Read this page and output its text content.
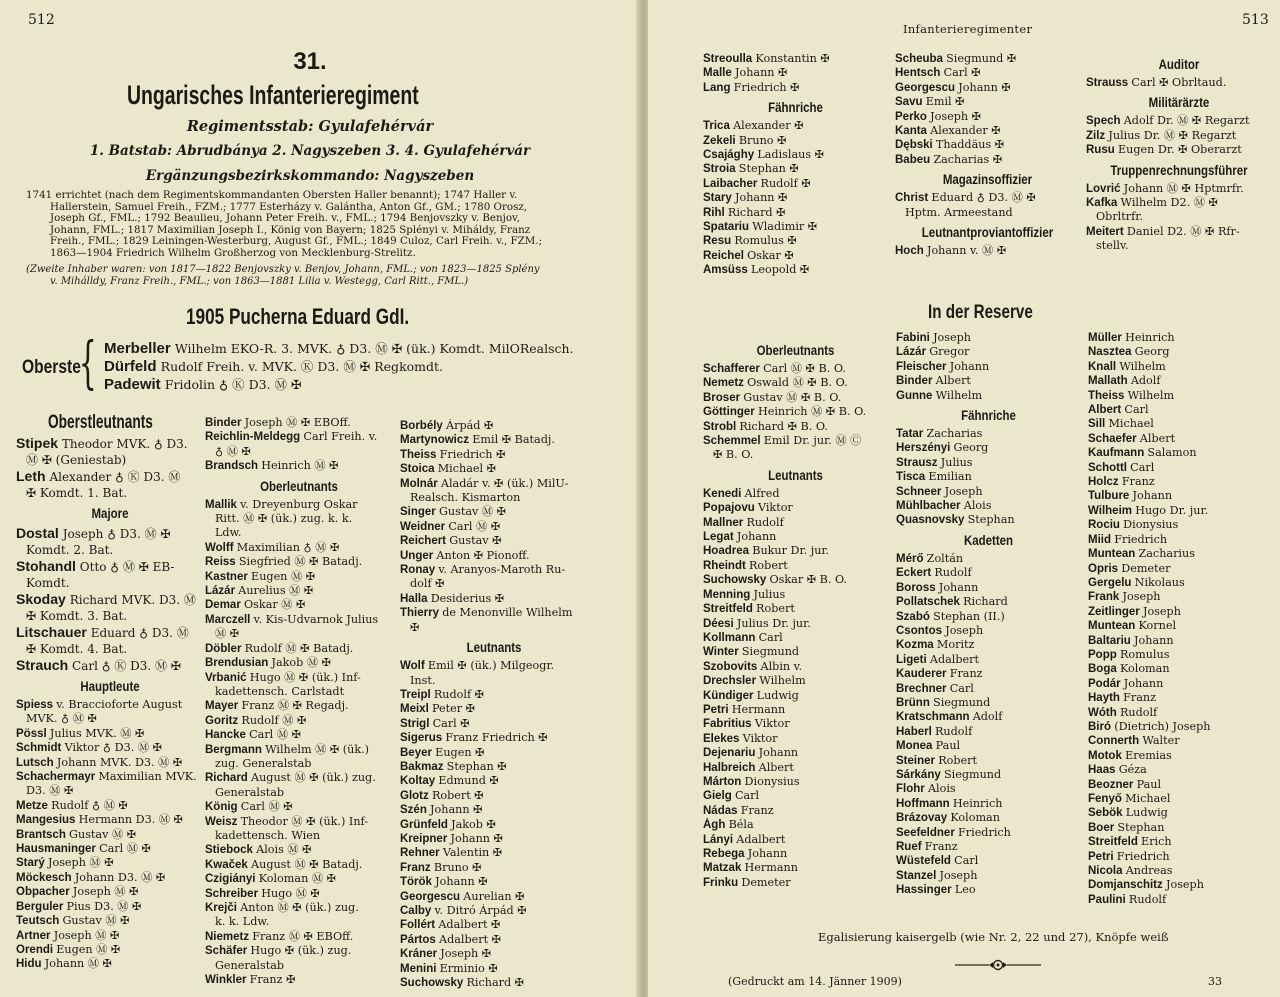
512
31.
Ungarisches Infanterieregiment
Regimentsstab: Gyulafehérvár
1. Batstab: Abrudbánya 2. Nagyszeben 3. 4. Gyulafehérvár
Ergänzungsbezirkskommando: Nagyszeben
1741 errichtet (nach dem Regimentskommandanten Obersten Haller benannt); 1747 Haller v.
Hallerstein, Samuel Freih., FZM.; 1777 Esterházy v. Galántha, Anton Gf., GM.; 1780 Orosz,
Joseph Gf., FML.; 1792 Beaulieu, Johann Peter Freih. v., FML.; 1794 Benjovszky v. Benjov,
Johann, FML.; 1817 Maximilian Joseph I., König von Bayern; 1825 Splényi v. Miháldy, Franz
Freih., FML.; 1829 Leiningen-Westerburg, August Gf., FML.; 1849 Culoz, Carl Freih. v., FZM.;
1863—1904 Friedrich Wilhelm Großherzog von Mecklenburg-Strelitz.
(Zweite Inhaber waren: von 1817—1822 Benjovszky v. Benjov, Johann, FML.; von 1823—1825 Splény
v. Mihálldy, Franz Freih., FML.; von 1863—1881 Lilia v. Westegg, Carl Ritt., FML.)
1905 Pucherna Eduard GdI.
Oberste
{ Merbeller Wilhelm EKO-R. 3. MVK. ♁ D3. Ⓜ ✠ (ük.) Komdt. MilORealsch.
Dürfeld Rudolf Freih. v. MVK. Ⓚ D3. Ⓜ ✠ Regkomdt.
Padewit Fridolin ♁ Ⓚ D3. Ⓜ ✠
Oberstleutnants
Stipek Theodor MVK. ♁ D3.
Ⓜ ✠ (Geniestab)
Leth Alexander ♁ Ⓚ D3. Ⓜ
✠ Komdt. 1. Bat.
Majore
Dostal Joseph ♁ D3. Ⓜ ✠
Komdt. 2. Bat.
Stohandl Otto ♁ Ⓜ ✠ EB-
Komdt.
Skoday Richard MVK. D3. Ⓜ
✠ Komdt. 3. Bat.
Litschauer Eduard ♁ D3. Ⓜ
✠ Komdt. 4. Bat.
Strauch Carl ♁ Ⓚ D3. Ⓜ ✠
Hauptleute
Spiess v. Braccioforte August
MVK. ♁ Ⓜ ✠
Pössl Julius MVK. Ⓜ ✠
Schmidt Viktor ♁ D3. Ⓜ ✠
Lutsch Johann MVK. D3. Ⓜ ✠
Schachermayr Maximilian MVK.
D3. Ⓜ ✠
Metze Rudolf ♁ Ⓜ ✠
Mangesius Hermann D3. Ⓜ ✠
Brantsch Gustav Ⓜ ✠
Hausmaninger Carl Ⓜ ✠
Starý Joseph Ⓜ ✠
Möckesch Johann D3. Ⓜ ✠
Obpacher Joseph Ⓜ ✠
Berguler Pius D3. Ⓜ ✠
Teutsch Gustav Ⓜ ✠
Artner Joseph Ⓜ ✠
Orendi Eugen Ⓜ ✠
Hidu Johann Ⓜ ✠
Binder Joseph Ⓜ ✠ EBOff.
Reichlin-Meldegg Carl Freih. v.
♁ Ⓜ ✠
Brandsch Heinrich Ⓜ ✠
Oberleutnants
Mallik v. Dreyenburg Oskar
Ritt. Ⓜ ✠ (ük.) zug. k. k.
Ldw.
Wolff Maximilian ♁ Ⓜ ✠
Reiss Siegfried Ⓜ ✠ Batadj.
Kastner Eugen Ⓜ ✠
Lázár Aurelius Ⓜ ✠
Demar Oskar Ⓜ ✠
Marczell v. Kis-Udvarnok Julius
Ⓜ ✠
Döbler Rudolf Ⓜ ✠ Batadj.
Brendusian Jakob Ⓜ ✠
Vrbanić Hugo Ⓜ ✠ (ük.) Inf-
kadettensch. Carlstadt
Mayer Franz Ⓜ ✠ Regadj.
Goritz Rudolf Ⓜ ✠
Hancke Carl Ⓜ ✠
Bergmann Wilhelm Ⓜ ✠ (ük.)
zug. Generalstab
Richard August Ⓜ ✠ (ük.) zug.
Generalstab
König Carl Ⓜ ✠
Weisz Theodor Ⓜ ✠ (ük.) Inf-
kadettensch. Wien
Stiebock Alois Ⓜ ✠
Kwaček August Ⓜ ✠ Batadj.
Czigiányi Koloman Ⓜ ✠
Schreiber Hugo Ⓜ ✠
Krejči Anton Ⓜ ✠ (ük.) zug.
k. k. Ldw.
Niemetz Franz Ⓜ ✠ EBOff.
Schäfer Hugo ✠ (ük.) zug.
Generalstab
Winkler Franz ✠
Borbély Árpád ✠
Martynowicz Emil ✠ Batadj.
Theiss Friedrich ✠
Stoica Michael ✠
Molnár Aladár v. ✠ (ük.) MilU-
Realsch. Kismarton
Singer Gustav Ⓜ ✠
Weidner Carl Ⓜ ✠
Reichert Gustav ✠
Unger Anton ✠ Pionoff.
Ronay v. Aranyos-Maroth Ru-
dolf ✠
Halla Desiderius ✠
Thierry de Menonville Wilhelm
✠
Leutnants
Wolf Emil ✠ (ük.) Milgeogr.
Inst.
Treipl Rudolf ✠
Meixl Peter ✠
Strigl Carl ✠
Sigerus Franz Friedrich ✠
Beyer Eugen ✠
Bakmaz Stephan ✠
Koltay Edmund ✠
Glotz Robert ✠
Szén Johann ✠
Grünfeld Jakob ✠
Kreipner Johann ✠
Rehner Valentin ✠
Franz Bruno ✠
Török Johann ✠
Georgescu Aurelian ✠
Calby v. Ditró Árpád ✠
Follért Adalbert ✠
Pártos Adalbert ✠
Kráner Joseph ✠
Menini Erminio ✠
Suchowsky Richard ✠
Infanterieregimenter
513
Streoulla Konstantin ✠
Malle Johann ✠
Lang Friedrich ✠
Fähnriche
Trica Alexander ✠
Zekeli Bruno ✠
Csajághy Ladislaus ✠
Stroia Stephan ✠
Laibacher Rudolf ✠
Stary Johann ✠
Rihl Richard ✠
Spatariu Wladimir ✠
Resu Romulus ✠
Reichel Oskar ✠
Amsüss Leopold ✠
Scheuba Siegmund ✠
Hentsch Carl ✠
Georgescu Johann ✠
Savu Emil ✠
Perko Joseph ✠
Kanta Alexander ✠
Dębski Thaddäus ✠
Babeu Zacharias ✠
Magazinsoffizier
Christ Eduard ♁ D3. Ⓜ ✠
Hptm. Armeestand
Leutnantproviantoffizier
Hoch Johann v. Ⓜ ✠
Auditor
Strauss Carl ✠ Obrltaud.
Militärärzte
Spech Adolf Dr. Ⓜ ✠ Regarzt
Zilz Julius Dr. Ⓜ ✠ Regarzt
Rusu Eugen Dr. ✠ Oberarzt
Truppenrechnungsführer
Lovrić Johann Ⓜ ✠ Hptmrfr.
Kafka Wilhelm D2. Ⓜ ✠
Obrltrfr.
Meitert Daniel D2. Ⓜ ✠ Rfr-
stellv.
In der Reserve
Oberleutnants
Schafferer Carl Ⓜ ✠ B. O.
Nemetz Oswald Ⓜ ✠ B. O.
Broser Gustav Ⓜ ✠ B. O.
Göttinger Heinrich Ⓜ ✠ B. O.
Strobl Richard ✠ B. O.
Schemmel Emil Dr. jur. Ⓜ Ⓒ
✠ B. O.
Leutnants
Kenedi Alfred
Popajovu Viktor
Mallner Rudolf
Legat Johann
Hoadrea Bukur Dr. jur.
Rheindt Robert
Suchowsky Oskar ✠ B. O.
Menning Julius
Streitfeld Robert
Déesi Julius Dr. jur.
Kollmann Carl
Winter Siegmund
Szobovits Albin v.
Drechsler Wilhelm
Kündiger Ludwig
Petri Hermann
Fabritius Viktor
Elekes Viktor
Dejenariu Johann
Halbreich Albert
Márton Dionysius
Gielg Carl
Nádas Franz
Ágh Béla
Lányi Adalbert
Rebega Johann
Matzak Hermann
Frinku Demeter
Fabini Joseph
Lázár Gregor
Fleischer Johann
Binder Albert
Gunne Wilhelm
Fähnriche
Tatar Zacharias
Herszényi Georg
Strausz Julius
Tisca Emilian
Schneer Joseph
Mühlbacher Alois
Quasnovsky Stephan
Kadetten
Mérő Zoltán
Eckert Rudolf
Boross Johann
Pollatschek Richard
Szabó Stephan (II.)
Csontos Joseph
Kozma Moritz
Ligeti Adalbert
Kauderer Franz
Brechner Carl
Brünn Siegmund
Kratschmann Adolf
Haberl Rudolf
Monea Paul
Steiner Robert
Sárkány Siegmund
Flohr Alois
Hoffmann Heinrich
Brázovay Koloman
Seefeldner Friedrich
Ruef Franz
Wüstefeld Carl
Stanzel Joseph
Hassinger Leo
Müller Heinrich
Nasztea Georg
Knall Wilhelm
Mallath Adolf
Theiss Wilhelm
Albert Carl
Sill Michael
Schaefer Albert
Kaufmann Salamon
Schottl Carl
Holcz Franz
Tulbure Johann
Wilheim Hugo Dr. jur.
Rociu Dionysius
Miid Friedrich
Muntean Zacharius
Opris Demeter
Gergelu Nikolaus
Frank Joseph
Zeitlinger Joseph
Muntean Kornel
Baltariu Johann
Popp Romulus
Boga Koloman
Podár Johann
Hayth Franz
Wóth Rudolf
Biró (Dietrich) Joseph
Connerth Walter
Motok Eremias
Haas Géza
Beozner Paul
Fenyő Michael
Sebök Ludwig
Boer Stephan
Streitfeld Erich
Petri Friedrich
Nicola Andreas
Domjanschitz Joseph
Paulini Rudolf
Egalisierung kaisergelb (wie Nr. 2, 22 und 27), Knöpfe weiß
(Gedruckt am 14. Jänner 1909)	33
